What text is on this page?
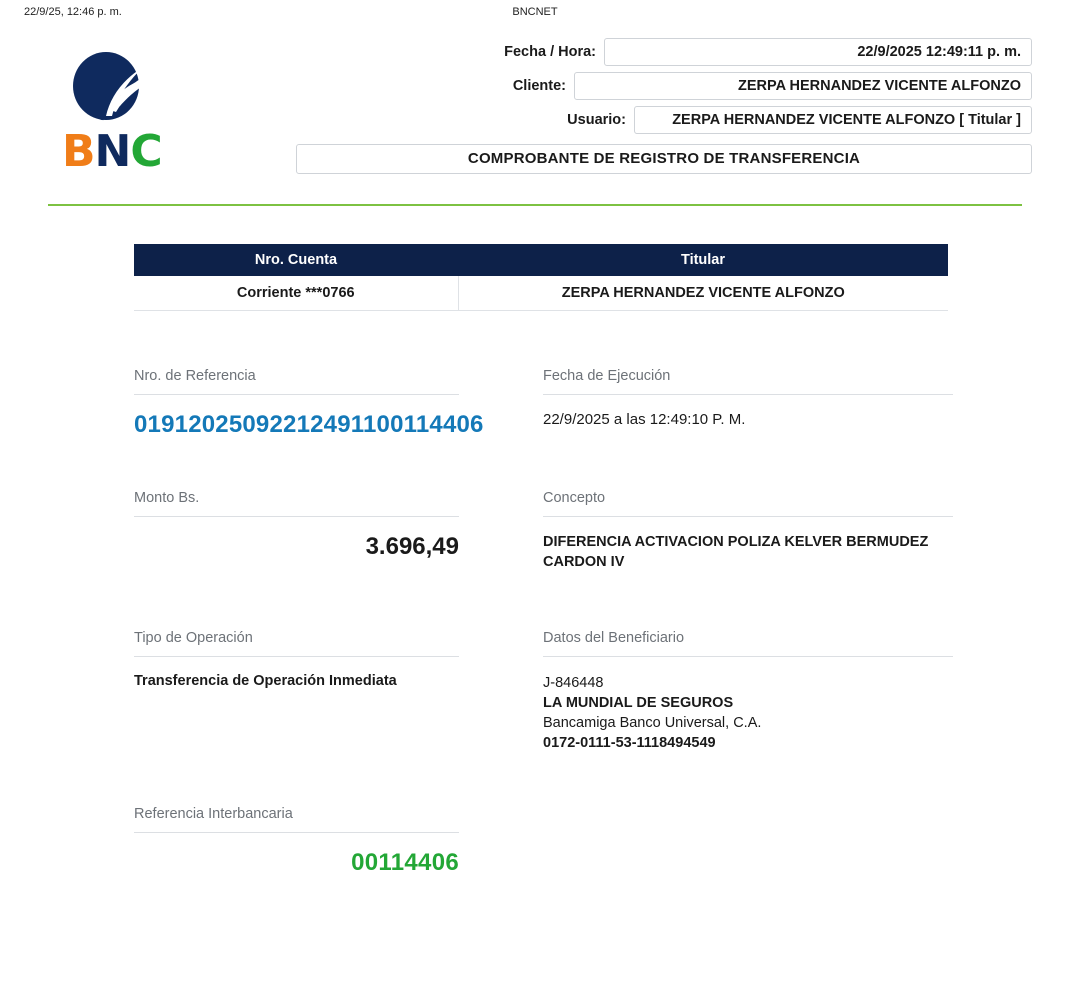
22/9/25, 12:46 p. m.	BNCNET
BNC
Fecha / Hora:	22/9/2025 12:49:11 p. m.
Cliente:	ZERPA HERNANDEZ VICENTE ALFONZO
Usuario:	ZERPA HERNANDEZ VICENTE ALFONZO [ Titular ]
COMPROBANTE DE REGISTRO DE TRANSFERENCIA
Nro. Cuenta	Titular
Corriente ***0766	ZERPA HERNANDEZ VICENTE ALFONZO
Nro. de Referencia
01912025092212491100114406
Fecha de Ejecución
22/9/2025 a las 12:49:10 P. M.
Monto Bs.
3.696,49
Concepto
DIFERENCIA ACTIVACION POLIZA KELVER BERMUDEZ CARDON IV
Tipo de Operación
Transferencia de Operación Inmediata
Datos del Beneficiario
J-846448
LA MUNDIAL DE SEGUROS
Bancamiga Banco Universal, C.A.
0172-0111-53-1118494549
Referencia Interbancaria
00114406
